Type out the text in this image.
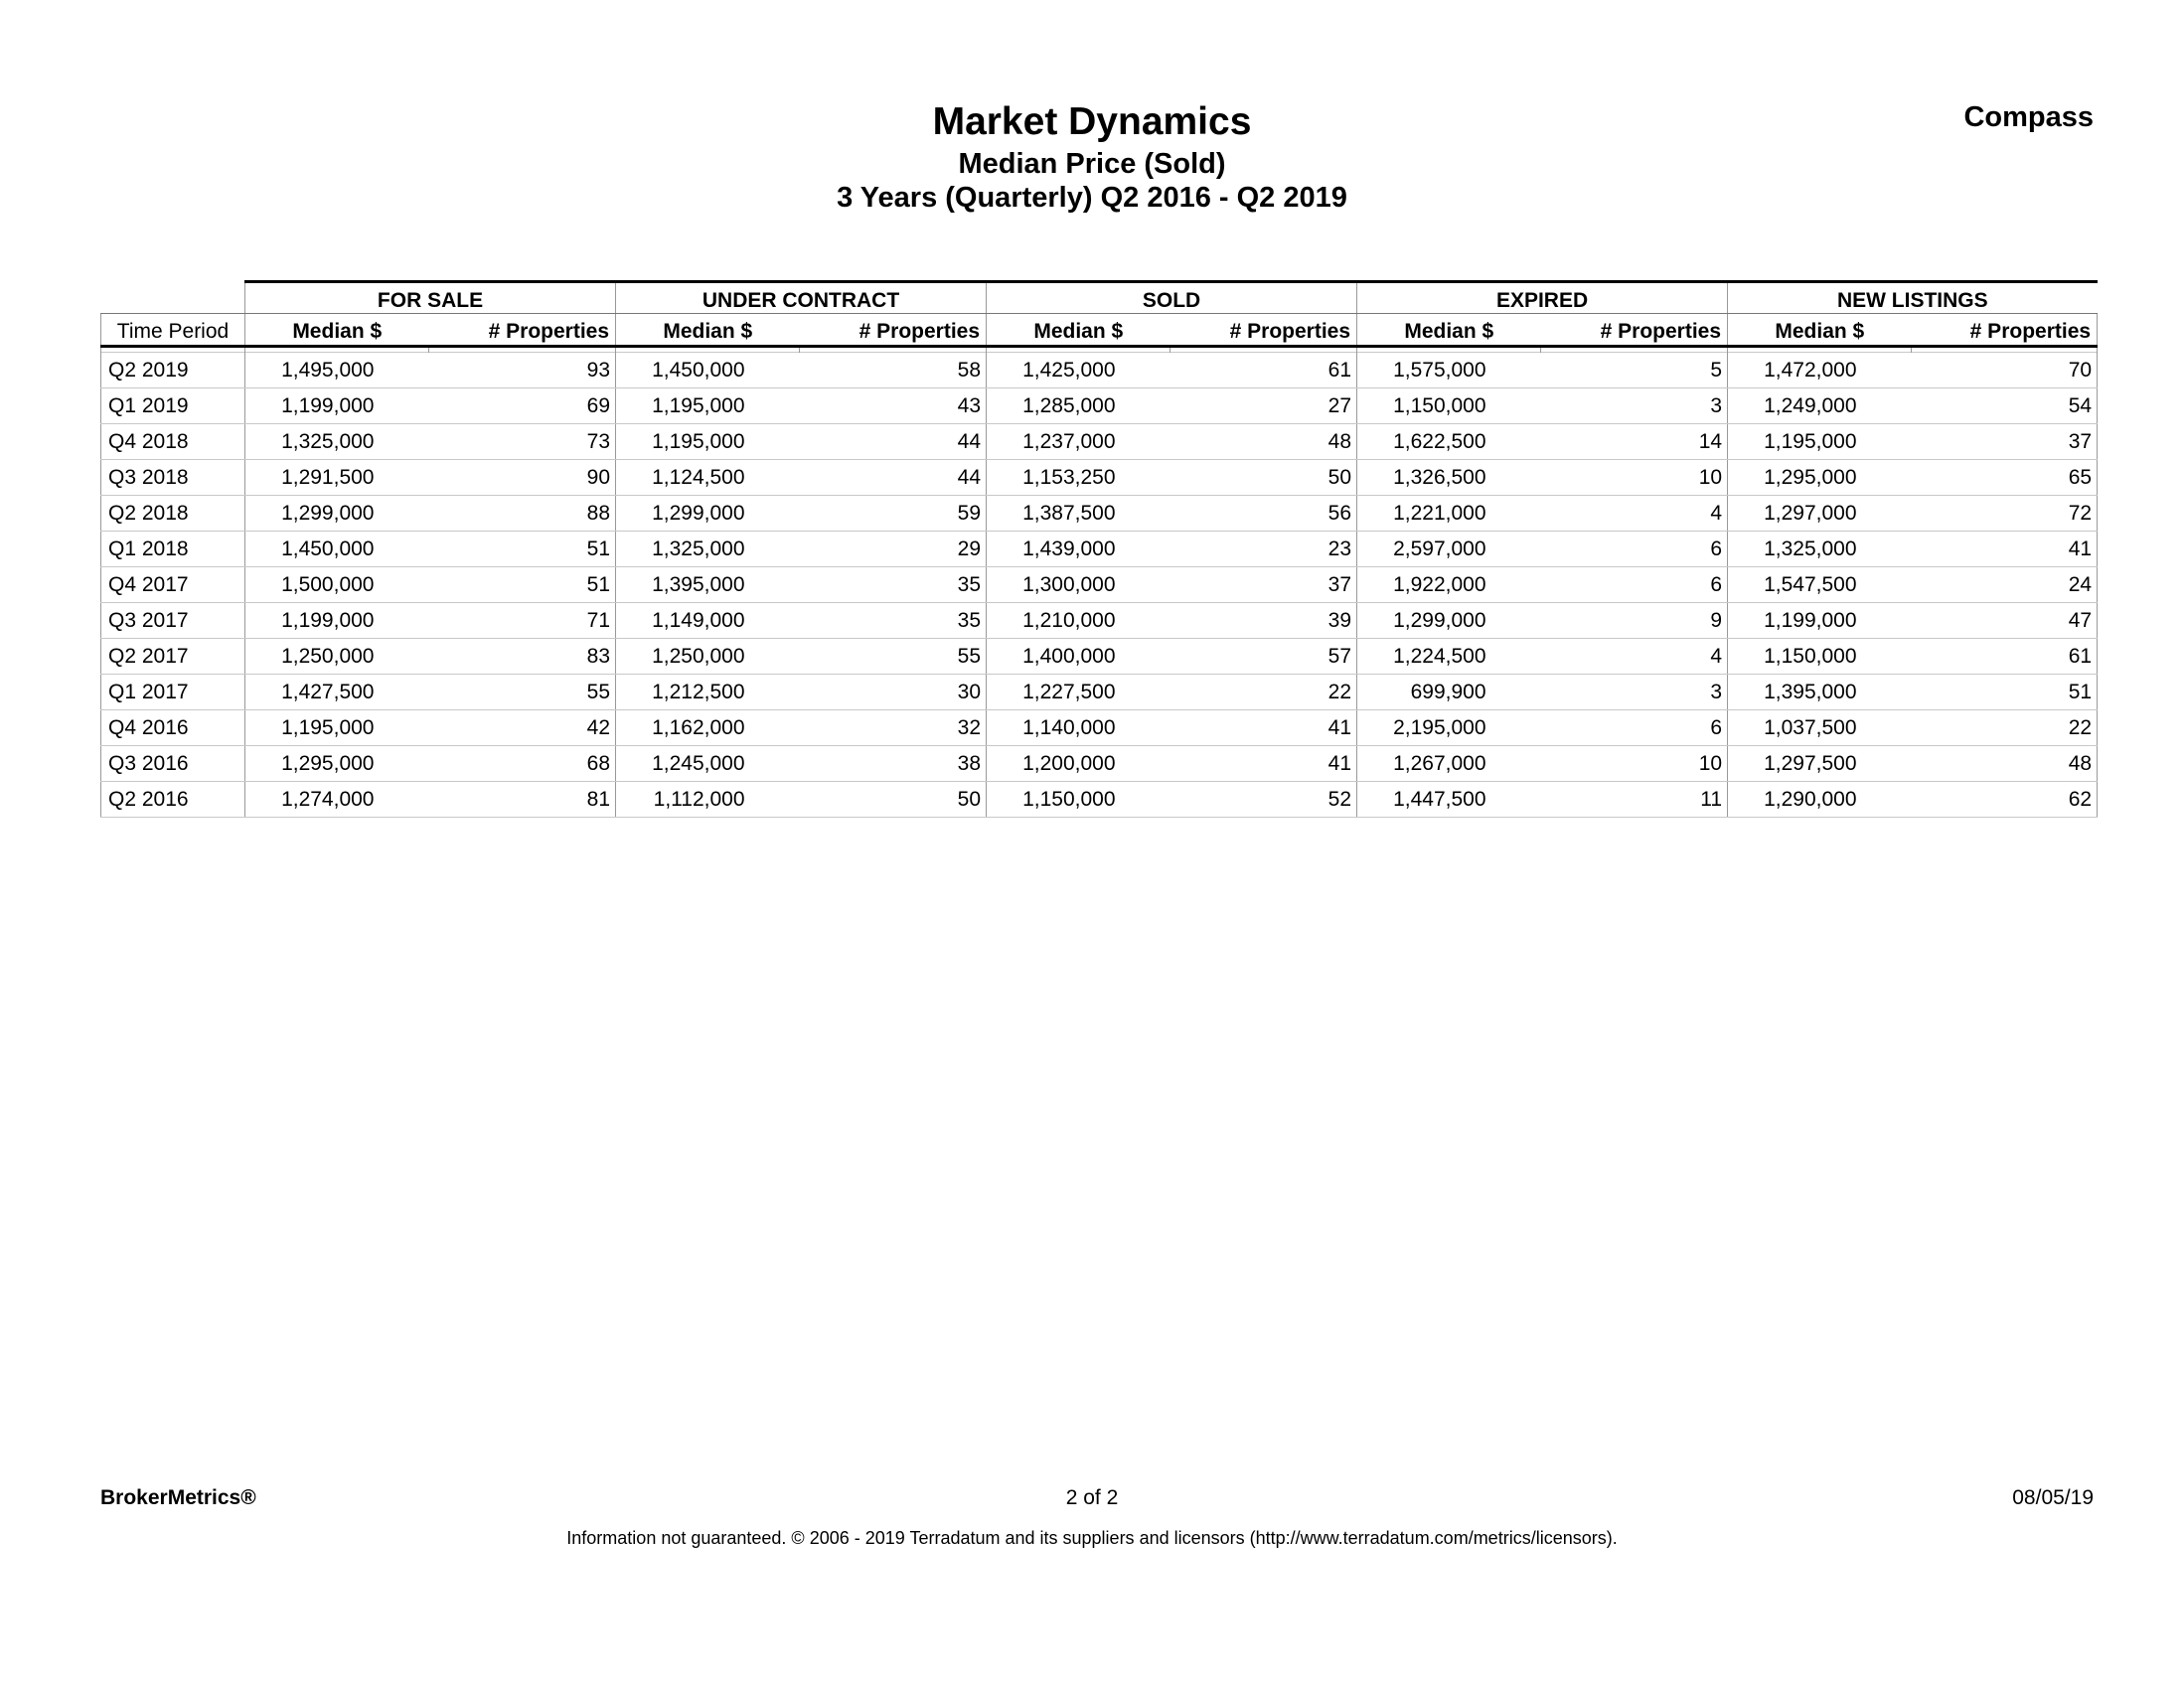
Market Dynamics
Median Price (Sold)
3 Years (Quarterly) Q2 2016 - Q2 2019
Compass
	FOR SALE		UNDER CONTRACT		SOLD		EXPIRED		NEW LISTINGS	
Time Period	Median $	# Properties	Median $	# Properties	Median $	# Properties	Median $	# Properties	Median $	# Properties

Q2 2019	1,495,000	93	1,450,000	58	1,425,000	61	1,575,000	5	1,472,000	70
Q1 2019	1,199,000	69	1,195,000	43	1,285,000	27	1,150,000	3	1,249,000	54
Q4 2018	1,325,000	73	1,195,000	44	1,237,000	48	1,622,500	14	1,195,000	37
Q3 2018	1,291,500	90	1,124,500	44	1,153,250	50	1,326,500	10	1,295,000	65
Q2 2018	1,299,000	88	1,299,000	59	1,387,500	56	1,221,000	4	1,297,000	72
Q1 2018	1,450,000	51	1,325,000	29	1,439,000	23	2,597,000	6	1,325,000	41
Q4 2017	1,500,000	51	1,395,000	35	1,300,000	37	1,922,000	6	1,547,500	24
Q3 2017	1,199,000	71	1,149,000	35	1,210,000	39	1,299,000	9	1,199,000	47
Q2 2017	1,250,000	83	1,250,000	55	1,400,000	57	1,224,500	4	1,150,000	61
Q1 2017	1,427,500	55	1,212,500	30	1,227,500	22	699,900	3	1,395,000	51
Q4 2016	1,195,000	42	1,162,000	32	1,140,000	41	2,195,000	6	1,037,500	22
Q3 2016	1,295,000	68	1,245,000	38	1,200,000	41	1,267,000	10	1,297,500	48
Q2 2016	1,274,000	81	1,112,000	50	1,150,000	52	1,447,500	11	1,290,000	62
BrokerMetrics®	2 of 2	08/05/19
Information not guaranteed. © 2006 - 2019 Terradatum and its suppliers and licensors (http://www.terradatum.com/metrics/licensors).
